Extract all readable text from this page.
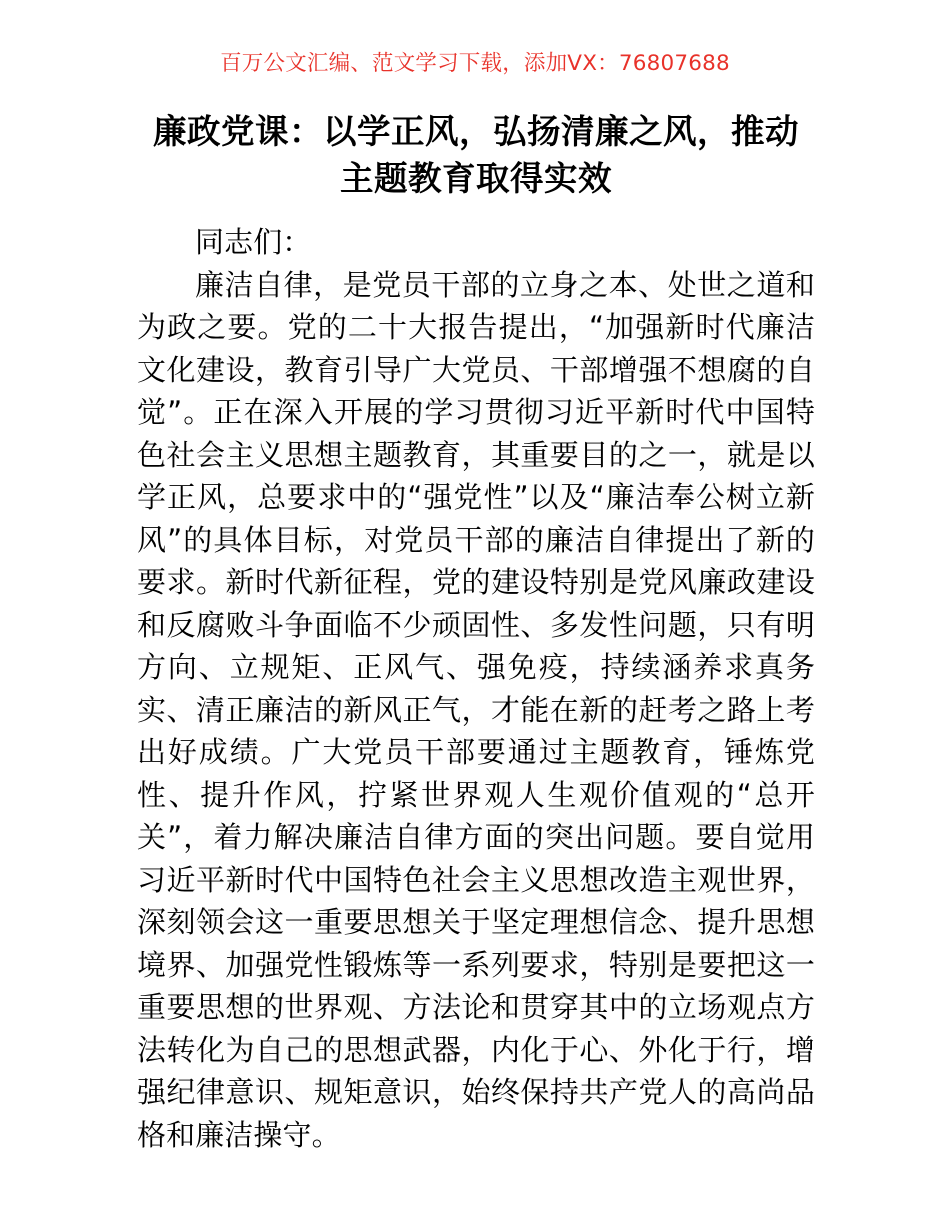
百万公文汇编、范文学习下载，添加VX：76807688
廉政党课：以学正风，弘扬清廉之风，推动主题教育取得实效

同志们：

廉洁自律，是党员干部的立身之本、处世之道和为政之要。党的二十大报告提出，“加强新时代廉洁文化建设，教育引导广大党员、干部增强不想腐的自觉”。正在深入开展的学习贯彻习近平新时代中国特色社会主义思想主题教育，其重要目的之一，就是以学正风，总要求中的“强党性”以及“廉洁奉公树立新风”的具体目标，对党员干部的廉洁自律提出了新的要求。新时代新征程，党的建设特别是党风廉政建设和反腐败斗争面临不少顽固性、多发性问题，只有明方向、立规矩、正风气、强免疫，持续涵养求真务实、清正廉洁的新风正气，才能在新的赶考之路上考出好成绩。广大党员干部要通过主题教育，锤炼党性、提升作风，拧紧世界观人生观价值观的“总开关”，着力解决廉洁自律方面的突出问题。要自觉用习近平新时代中国特色社会主义思想改造主观世界，深刻领会这一重要思想关于坚定理想信念、提升思想境界、加强党性锻炼等一系列要求，特别是要把这一重要思想的世界观、方法论和贯穿其中的立场观点方法转化为自己的思想武器，内化于心、外化于行，增强纪律意识、规矩意识，始终保持共产党人的高尚品格和廉洁操守。
